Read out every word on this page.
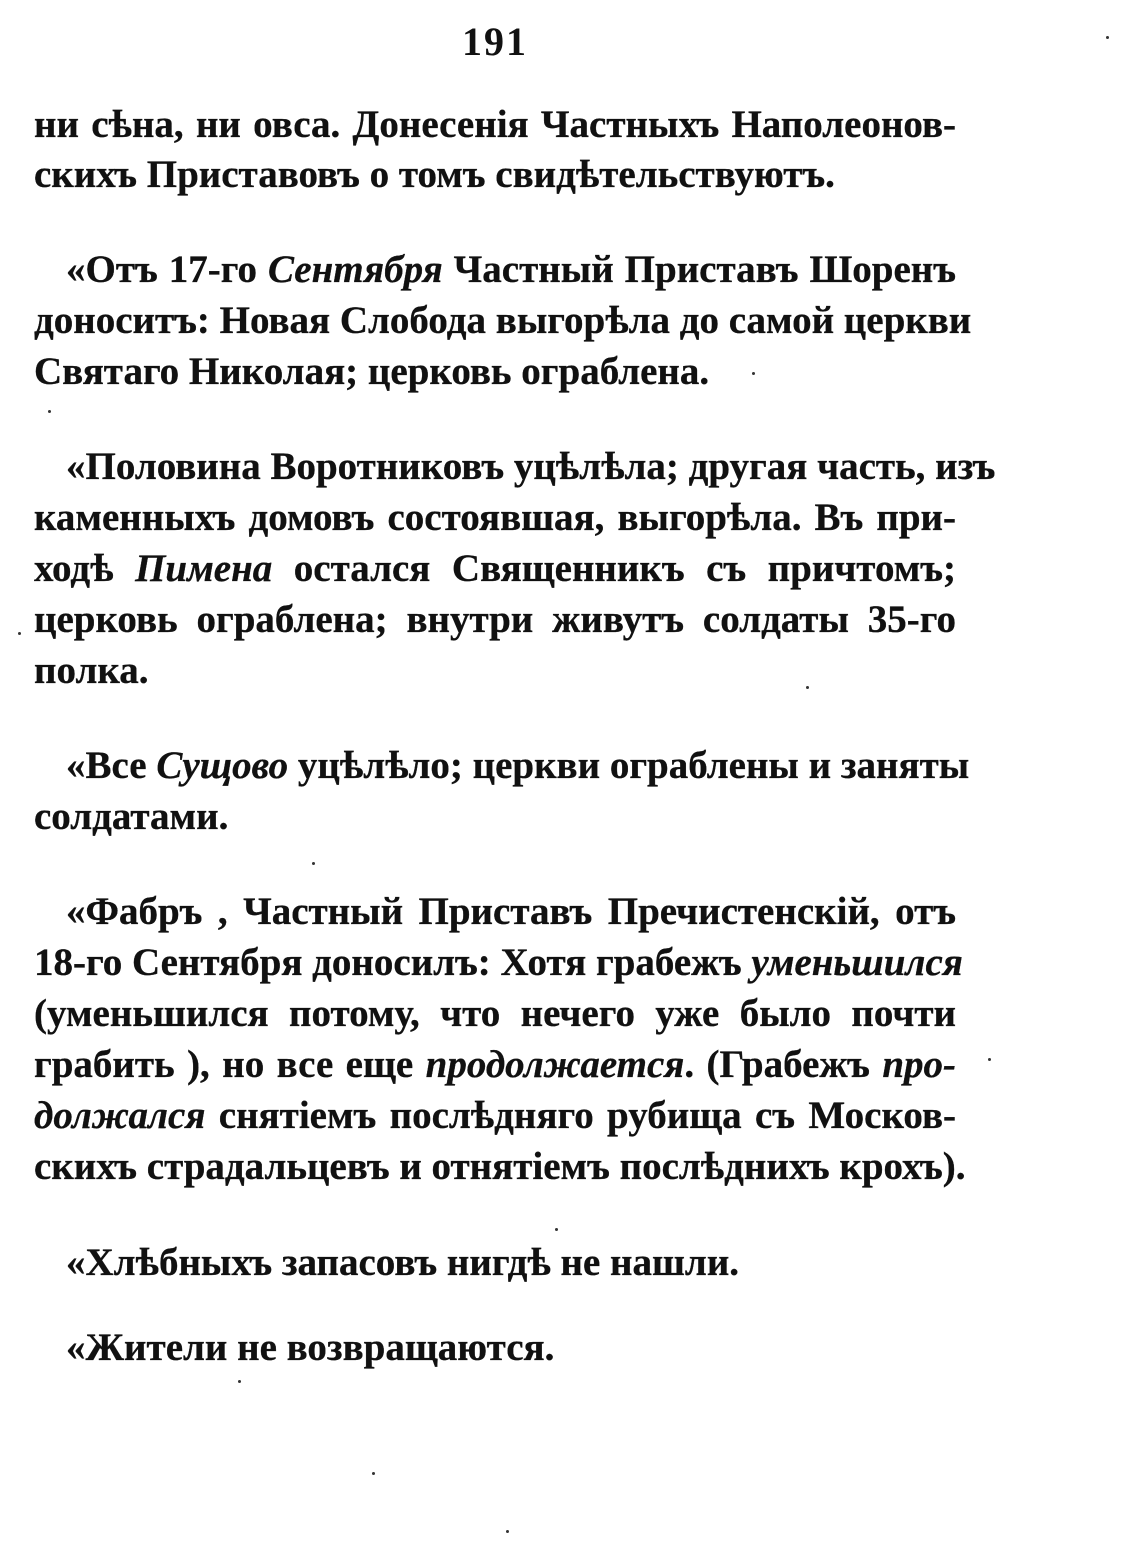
191
ни сѣна, ни овса. Донесенія Частныхъ Наполеонов-
скихъ Приставовъ о томъ свидѣтельствуютъ.
«Отъ 17-го Сентября Частный Приставъ Шоренъ
доноситъ: Новая Слобода выгорѣла до самой церкви
Святаго Николая; церковь ограблена.
«Половина Воротниковъ уцѣлѣла; другая часть, изъ
каменныхъ домовъ состоявшая, выгорѣла. Въ при-
ходѣ Пимена остался Священникъ съ причтомъ;
церковь ограблена; внутри живутъ солдаты 35-го
полка.
«Все Сущово уцѣлѣло; церкви ограблены и заняты
солдатами.
«Фабръ , Частный Приставъ Пречистенскій, отъ
18-го Сентября доносилъ: Хотя грабежъ уменьшился
(уменьшился потому, что нечего уже было почти
грабить ), но все еще продолжается. (Грабежъ про-
должался снятіемъ послѣдняго рубища съ Москов-
скихъ страдальцевъ и отнятіемъ послѣднихъ крохъ).
«Хлѣбныхъ запасовъ нигдѣ не нашли.
«Жители не возвращаются.
